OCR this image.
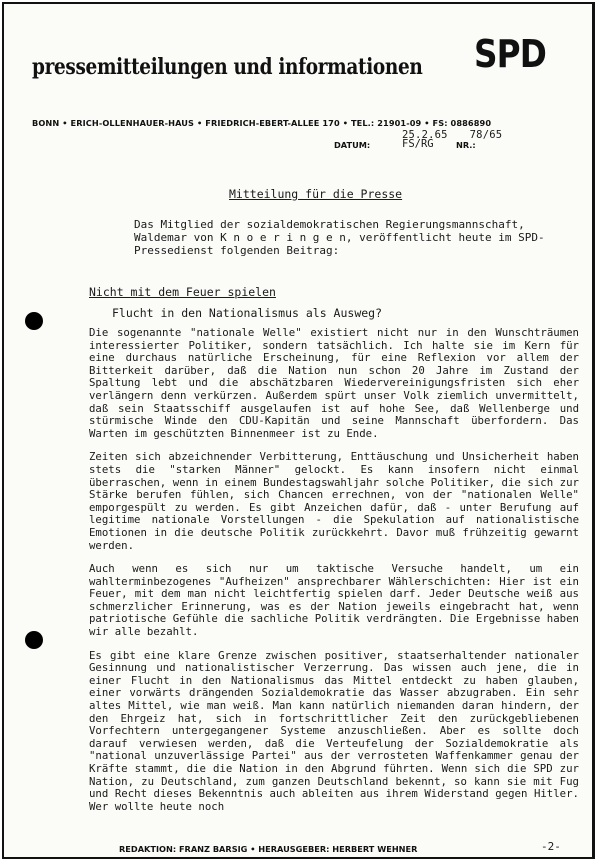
pressemitteilungen und informationen SPD
BONN • ERICH-OLLENHAUER-HAUS • FRIEDRICH-EBERT-ALLEE 170 • TEL.: 21901-09 • FS: 0886890
25.2.65 78/65
DATUM:	FS/RG	NR.:
Mitteilung für die Presse
Das Mitglied der sozialdemokratischen Regierungsmannschaft, Waldemar von K n o e r i n g e n, veröffentlicht heute im SPD-Pressedienst folgenden Beitrag:
Nicht mit dem Feuer spielen
Flucht in den Nationalismus als Ausweg?

Die sogenannte "nationale Welle" existiert nicht nur in den Wunschträumen interessierter Politiker, sondern tatsächlich. Ich halte sie im Kern für eine durchaus natürliche Erscheinung, für eine Reflexion vor allem der Bitterkeit darüber, daß die Nation nun schon 20 Jahre im Zustand der Spaltung lebt und die abschätzbaren Wiedervereinigungsfristen sich eher verlängern denn verkürzen. Außerdem spürt unser Volk ziemlich unvermittelt, daß sein Staatsschiff ausgelaufen ist auf hohe See, daß Wellenberge und stürmische Winde den CDU-Kapitän und seine Mannschaft überfordern. Das Warten im geschützten Binnenmeer ist zu Ende.

Zeiten sich abzeichnender Verbitterung, Enttäuschung und Unsicherheit haben stets die "starken Männer" gelockt. Es kann insofern nicht einmal überraschen, wenn in einem Bundestagswahljahr solche Politiker, die sich zur Stärke berufen fühlen, sich Chancen errechnen, von der "nationalen Welle" emporgespült zu werden. Es gibt Anzeichen dafür, daß - unter Berufung auf legitime nationale Vorstellungen - die Spekulation auf nationalistische Emotionen in die deutsche Politik zurückkehrt. Davor muß frühzeitig gewarnt werden.

Auch wenn es sich nur um taktische Versuche handelt, um ein wahlterminbezogenes "Aufheizen" ansprechbarer Wählerschichten: Hier ist ein Feuer, mit dem man nicht leichtfertig spielen darf. Jeder Deutsche weiß aus schmerzlicher Erinnerung, was es der Nation jeweils eingebracht hat, wenn patriotische Gefühle die sachliche Politik verdrängten. Die Ergebnisse haben wir alle bezahlt.

Es gibt eine klare Grenze zwischen positiver, staatserhaltender nationaler Gesinnung und nationalistischer Verzerrung. Das wissen auch jene, die in einer Flucht in den Nationalismus das Mittel entdeckt zu haben glauben, einer vorwärts drängenden Sozialdemokratie das Wasser abzugraben. Ein sehr altes Mittel, wie man weiß. Man kann natürlich niemanden daran hindern, der den Ehrgeiz hat, sich in fortschrittlicher Zeit den zurückgebliebenen Vorfechtern untergegangener Systeme anzuschließen. Aber es sollte doch darauf verwiesen werden, daß die Verteufelung der Sozialdemokratie als "national unzuverlässige Partei" aus der verrosteten Waffenkammer genau der Kräfte stammt, die die Nation in den Abgrund führten. Wenn sich die SPD zur Nation, zu Deutschland, zum ganzen Deutschland bekennt, so kann sie mit Fug und Recht dieses Bekenntnis auch ableiten aus ihrem Widerstand gegen Hitler. Wer wollte heute noch

REDAKTION: FRANZ BARSIG • HERAUSGEBER: HERBERT WEHNER	-2-
